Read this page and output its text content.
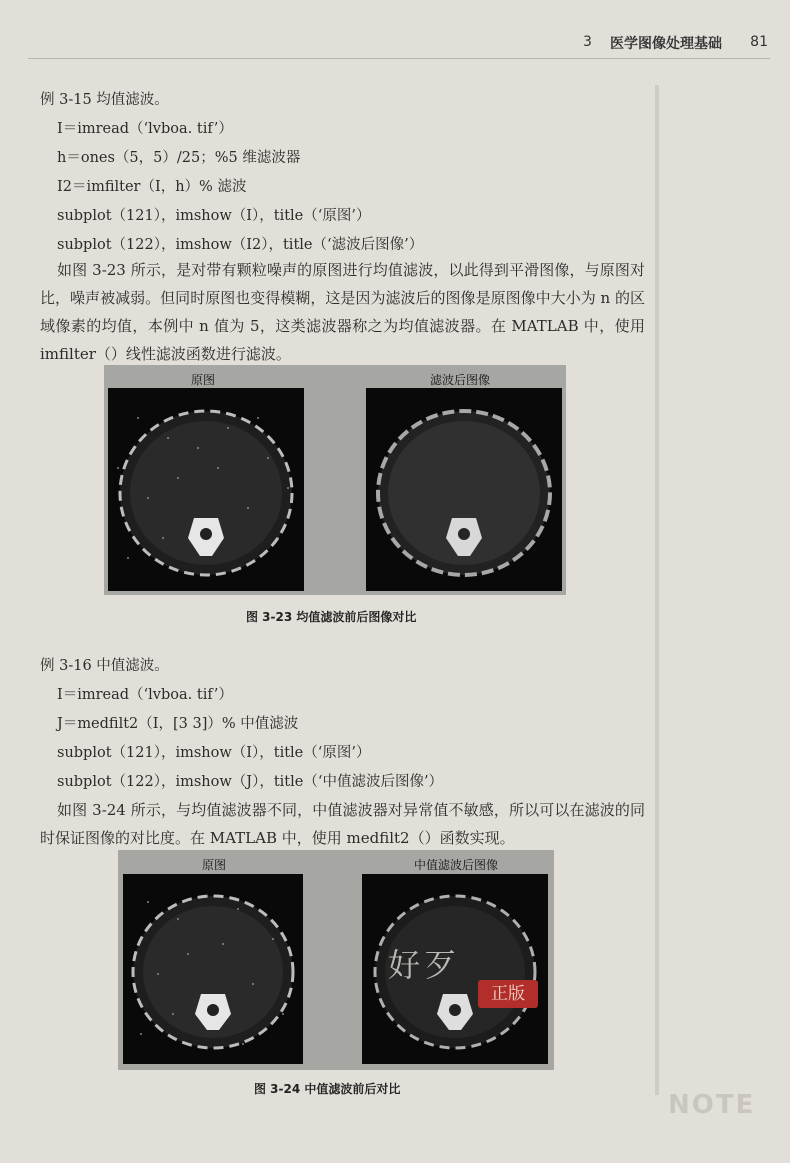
3 医学图像处理基础 81
例 3-15 均值滤波。
I＝imread（‘lvboa. tif’）
h＝ones（5，5）/25；%5 维滤波器
I2＝imfilter（I，h）% 滤波
subplot（121），imshow（I），title（‘原图’）
subplot（122），imshow（I2），title（‘滤波后图像’）
如图 3-23 所示，是对带有颗粒噪声的原图进行均值滤波，以此得到平滑图像，与原图对比，噪声被减弱。但同时原图也变得模糊，这是因为滤波后的图像是原图像中大小为 n 的区域像素的均值，本例中 n 值为 5，这类滤波器称之为均值滤波器。在 MATLAB 中，使用 imfilter（）线性滤波函数进行滤波。
原图	滤波后图像
图 3-23 均值滤波前后图像对比
例 3-16 中值滤波。
I＝imread（‘lvboa. tif’）
J＝medfilt2（I，[3 3]）% 中值滤波
subplot（121），imshow（I），title（‘原图’）
subplot（122），imshow（J），title（‘中值滤波后图像’）
如图 3-24 所示，与均值滤波器不同，中值滤波器对异常值不敏感，所以可以在滤波的同时保证图像的对比度。在 MATLAB 中，使用 medfilt2（）函数实现。
原图	中值滤波后图像
图 3-24 中值滤波前后对比
好歹
正版
NOTE
